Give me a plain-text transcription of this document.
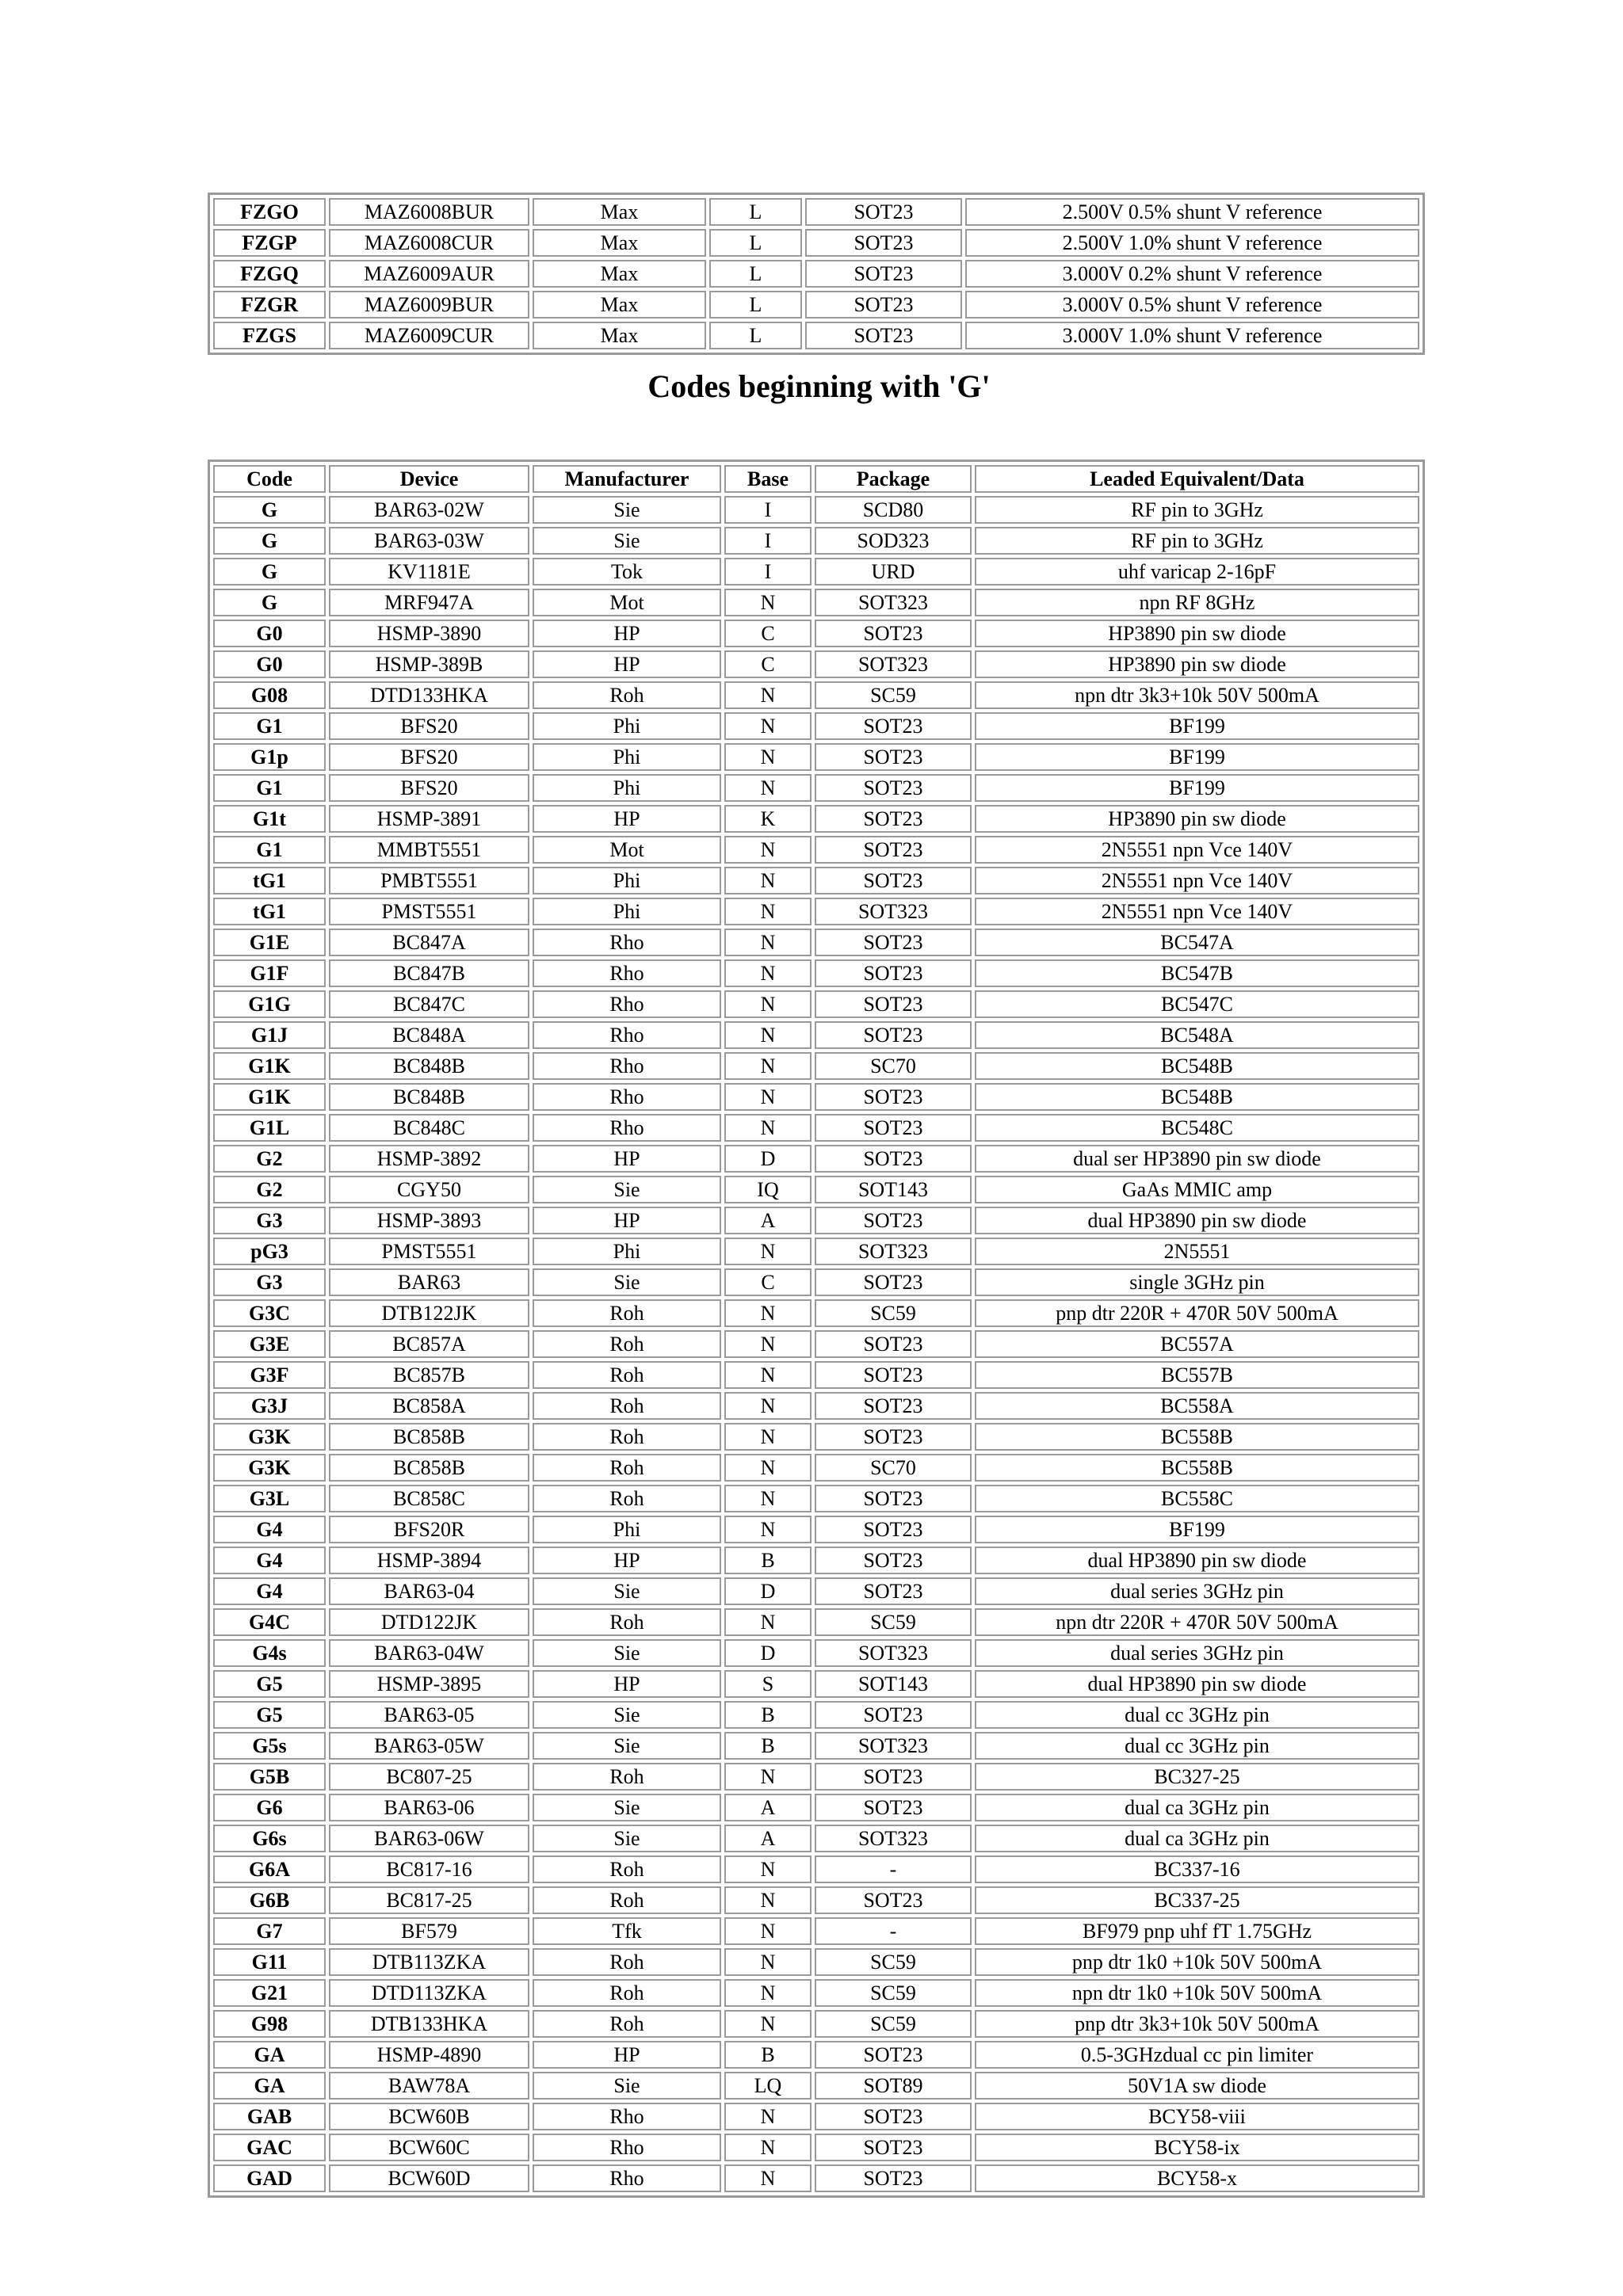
FZGO	MAZ6008BUR	Max	L	SOT23	2.500V 0.5% shunt V reference
FZGP	MAZ6008CUR	Max	L	SOT23	2.500V 1.0% shunt V reference
FZGQ	MAZ6009AUR	Max	L	SOT23	3.000V 0.2% shunt V reference
FZGR	MAZ6009BUR	Max	L	SOT23	3.000V 0.5% shunt V reference
FZGS	MAZ6009CUR	Max	L	SOT23	3.000V 1.0% shunt V reference
Codes beginning with 'G'
Code	Device	Manufacturer	Base	Package	Leaded Equivalent/Data
G	BAR63-02W	Sie	I	SCD80	RF pin to 3GHz
G	BAR63-03W	Sie	I	SOD323	RF pin to 3GHz
G	KV1181E	Tok	I	URD	uhf varicap 2-16pF
G	MRF947A	Mot	N	SOT323	npn RF 8GHz
G0	HSMP-3890	HP	C	SOT23	HP3890 pin sw diode
G0	HSMP-389B	HP	C	SOT323	HP3890 pin sw diode
G08	DTD133HKA	Roh	N	SC59	npn dtr 3k3+10k 50V 500mA
G1	BFS20	Phi	N	SOT23	BF199
G1p	BFS20	Phi	N	SOT23	BF199
G1	BFS20	Phi	N	SOT23	BF199
G1t	HSMP-3891	HP	K	SOT23	HP3890 pin sw diode
G1	MMBT5551	Mot	N	SOT23	2N5551 npn Vce 140V
tG1	PMBT5551	Phi	N	SOT23	2N5551 npn Vce 140V
tG1	PMST5551	Phi	N	SOT323	2N5551 npn Vce 140V
G1E	BC847A	Rho	N	SOT23	BC547A
G1F	BC847B	Rho	N	SOT23	BC547B
G1G	BC847C	Rho	N	SOT23	BC547C
G1J	BC848A	Rho	N	SOT23	BC548A
G1K	BC848B	Rho	N	SC70	BC548B
G1K	BC848B	Rho	N	SOT23	BC548B
G1L	BC848C	Rho	N	SOT23	BC548C
G2	HSMP-3892	HP	D	SOT23	dual ser HP3890 pin sw diode
G2	CGY50	Sie	IQ	SOT143	GaAs MMIC amp
G3	HSMP-3893	HP	A	SOT23	dual HP3890 pin sw diode
pG3	PMST5551	Phi	N	SOT323	2N5551
G3	BAR63	Sie	C	SOT23	single 3GHz pin
G3C	DTB122JK	Roh	N	SC59	pnp dtr 220R + 470R 50V 500mA
G3E	BC857A	Roh	N	SOT23	BC557A
G3F	BC857B	Roh	N	SOT23	BC557B
G3J	BC858A	Roh	N	SOT23	BC558A
G3K	BC858B	Roh	N	SOT23	BC558B
G3K	BC858B	Roh	N	SC70	BC558B
G3L	BC858C	Roh	N	SOT23	BC558C
G4	BFS20R	Phi	N	SOT23	BF199
G4	HSMP-3894	HP	B	SOT23	dual HP3890 pin sw diode
G4	BAR63-04	Sie	D	SOT23	dual series 3GHz pin
G4C	DTD122JK	Roh	N	SC59	npn dtr 220R + 470R 50V 500mA
G4s	BAR63-04W	Sie	D	SOT323	dual series 3GHz pin
G5	HSMP-3895	HP	S	SOT143	dual HP3890 pin sw diode
G5	BAR63-05	Sie	B	SOT23	dual cc 3GHz pin
G5s	BAR63-05W	Sie	B	SOT323	dual cc 3GHz pin
G5B	BC807-25	Roh	N	SOT23	BC327-25
G6	BAR63-06	Sie	A	SOT23	dual ca 3GHz pin
G6s	BAR63-06W	Sie	A	SOT323	dual ca 3GHz pin
G6A	BC817-16	Roh	N	-	BC337-16
G6B	BC817-25	Roh	N	SOT23	BC337-25
G7	BF579	Tfk	N	-	BF979 pnp uhf fT 1.75GHz
G11	DTB113ZKA	Roh	N	SC59	pnp dtr 1k0 +10k 50V 500mA
G21	DTD113ZKA	Roh	N	SC59	npn dtr 1k0 +10k 50V 500mA
G98	DTB133HKA	Roh	N	SC59	pnp dtr 3k3+10k 50V 500mA
GA	HSMP-4890	HP	B	SOT23	0.5-3GHzdual cc pin limiter
GA	BAW78A	Sie	LQ	SOT89	50V1A sw diode
GAB	BCW60B	Rho	N	SOT23	BCY58-viii
GAC	BCW60C	Rho	N	SOT23	BCY58-ix
GAD	BCW60D	Rho	N	SOT23	BCY58-x
